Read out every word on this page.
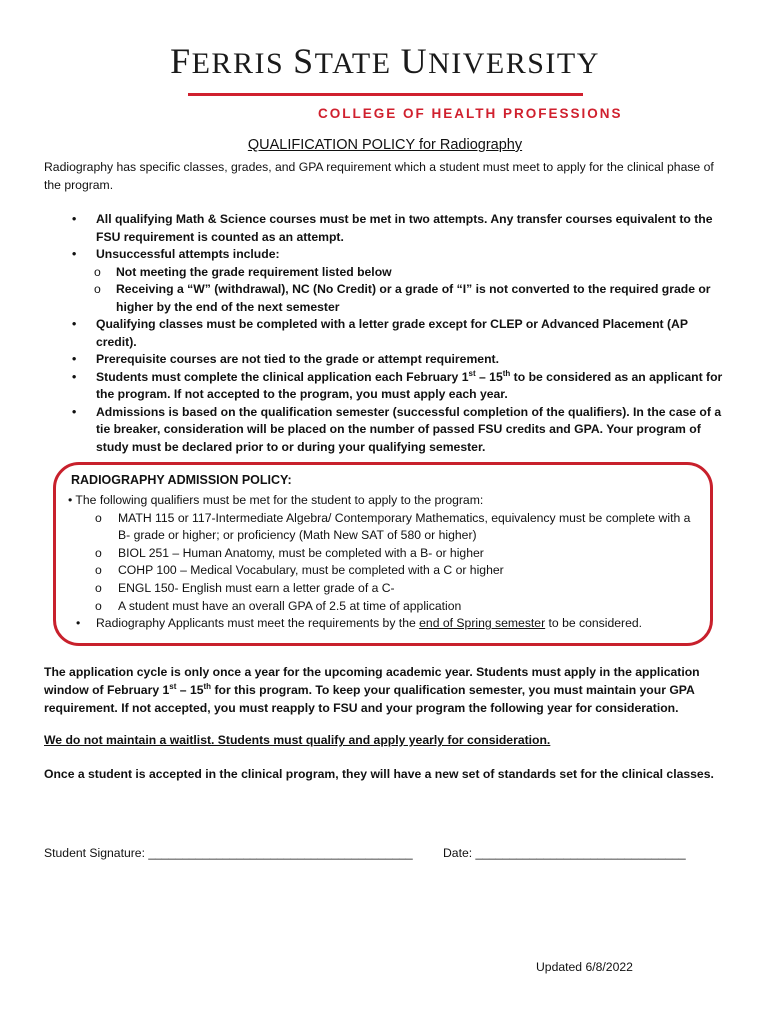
FERRIS STATE UNIVERSITY
COLLEGE OF HEALTH PROFESSIONS
QUALIFICATION POLICY for Radiography
Radiography has specific classes, grades, and GPA requirement which a student must meet to apply for the clinical phase of the program.
• All qualifying Math & Science courses must be met in two attempts. Any transfer courses equivalent to the FSU requirement is counted as an attempt.
• Unsuccessful attempts include:
o Not meeting the grade requirement listed below
o Receiving a “W” (withdrawal), NC (No Credit) or a grade of “I” is not converted to the required grade or higher by the end of the next semester
• Qualifying classes must be completed with a letter grade except for CLEP or Advanced Placement (AP credit).
• Prerequisite courses are not tied to the grade or attempt requirement.
• Students must complete the clinical application each February 1st – 15th to be considered as an applicant for the program. If not accepted to the program, you must apply each year.
• Admissions is based on the qualification semester (successful completion of the qualifiers). In the case of a tie breaker, consideration will be placed on the number of passed FSU credits and GPA. Your program of study must be declared prior to or during your qualifying semester.
RADIOGRAPHY ADMISSION POLICY:
• The following qualifiers must be met for the student to apply to the program:
o MATH 115 or 117-Intermediate Algebra/ Contemporary Mathematics, equivalency must be complete with a B- grade or higher; or proficiency (Math New SAT of 580 or higher)
o BIOL 251 – Human Anatomy, must be completed with a B- or higher
o COHP 100 – Medical Vocabulary, must be completed with a C or higher
o ENGL 150- English must earn a letter grade of a C-
o A student must have an overall GPA of 2.5 at time of application
• Radiography Applicants must meet the requirements by the end of Spring semester to be considered.
The application cycle is only once a year for the upcoming academic year. Students must apply in the application window of February 1st – 15th for this program. To keep your qualification semester, you must maintain your GPA requirement. If not accepted, you must reapply to FSU and your program the following year for consideration.
We do not maintain a waitlist. Students must qualify and apply yearly for consideration.
Once a student is accepted in the clinical program, they will have a new set of standards set for the clinical classes.
Student Signature: _______________________________________ Date: _______________________________
Updated 6/8/2022
